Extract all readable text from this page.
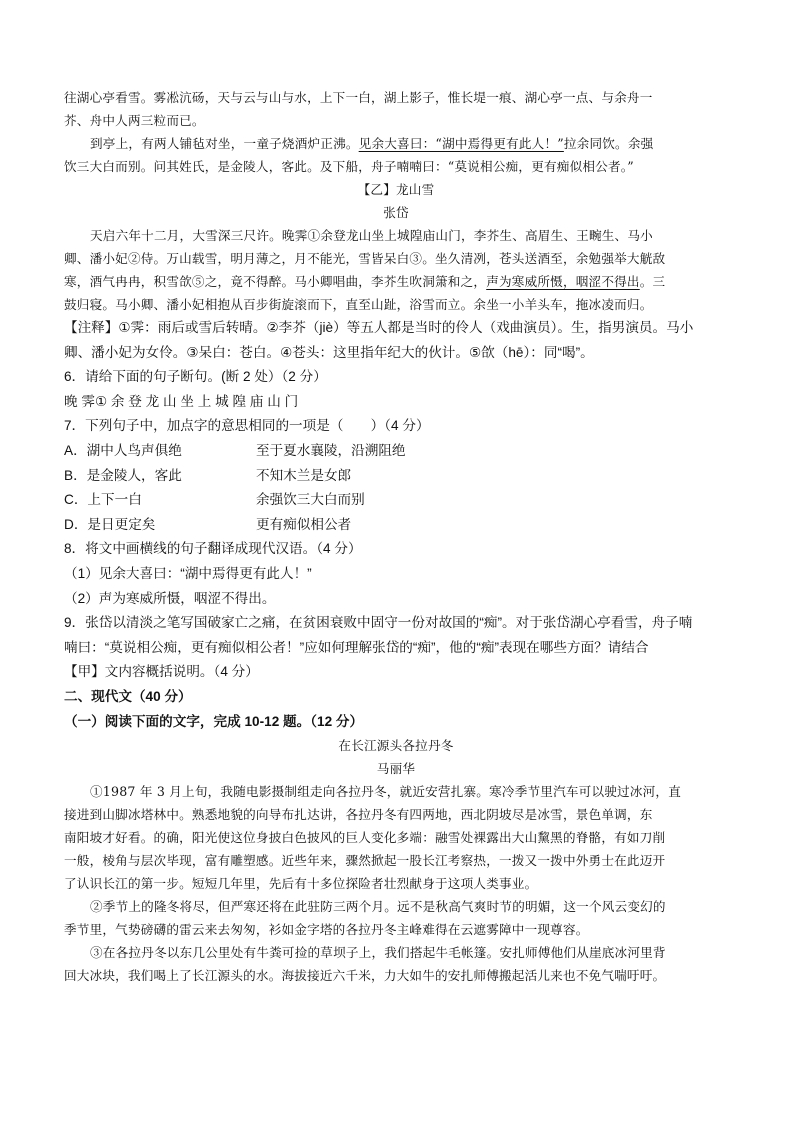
往湖心亭看雪。雾凇沆砀，天与云与山与水，上下一白，湖上影子，惟长堤一痕、湖心亭一点、与余舟一
芥、舟中人两三粒而已。
到亭上，有两人铺毡对坐，一童子烧酒炉正沸。见余大喜曰：“湖中焉得更有此人！”拉余同饮。余强
饮三大白而别。问其姓氏，是金陵人，客此。及下船，舟子喃喃曰：“莫说相公痴，更有痴似相公者。”
【乙】龙山雪
张岱
天启六年十二月，大雪深三尺许。晚霁①余登龙山坐上城隍庙山门，李芥生、高眉生、王畹生、马小
卿、潘小妃②侍。万山载雪，明月薄之，月不能光，雪皆呆白③。坐久清冽，苍头送酒至，余勉强举大觥敌
寒，酒气冉冉，积雪欱⑤之，竟不得醉。马小卿唱曲，李芥生吹洞箫和之，声为寒威所慑，咽涩不得出。三
鼓归寝。马小卿、潘小妃相抱从百步街旋滚而下，直至山趾，浴雪而立。余坐一小羊头车，拖冰凌而归。
【注释】①霁：雨后或雪后转晴。②李芥（jiè）等五人都是当时的伶人（戏曲演员）。生，指男演员。马小
卿、潘小妃为女伶。③呆白：苍白。④苍头：这里指年纪大的伙计。⑤欱（hē）：同“喝”。
6．请给下面的句子断句。(断 2 处）（2 分）
晚 霁① 余 登 龙 山 坐 上 城 隍 庙 山 门
7．下列句子中，加点字的意思相同的一项是（　　）（4 分）
A．湖中人鸟声俱绝	至于夏水襄陵，沿溯阻绝
B．是金陵人，客此	不知木兰是女郎
C．上下一白	余强饮三大白而别
D．是日更定矣	更有痴似相公者
8．将文中画横线的句子翻译成现代汉语。（4 分）
（1）见余大喜曰：“湖中焉得更有此人！”
（2）声为寒威所慑，咽涩不得出。
9．张岱以清淡之笔写国破家亡之痛，在贫困衰败中固守一份对故国的“痴”。对于张岱湖心亭看雪，舟子喃
喃曰：“莫说相公痴，更有痴似相公者！”应如何理解张岱的“痴”，他的“痴”表现在哪些方面？请结合
【甲】文内容概括说明。（4 分）
二、现代文（40 分）
（一）阅读下面的文字，完成 10-12 题。（12 分）
在长江源头各拉丹冬
马丽华
①1987 年 3 月上旬，我随电影摄制组走向各拉丹冬，就近安营扎寨。寒冷季节里汽车可以驶过冰河，直
接进到山脚冰塔林中。熟悉地貌的向导布扎达讲，各拉丹冬有四两地，西北阴坡尽是冰雪，景色单调，东
南阳坡才好看。的确，阳光使这位身披白色披风的巨人变化多端：融雪处裸露出大山黧黑的脊骼，有如刀削
一般，棱角与层次毕现，富有雕塑感。近些年来，骤然掀起一股长江考察热，一拨又一拨中外勇士在此迈开
了认识长江的第一步。短短几年里，先后有十多位探险者壮烈献身于这项人类事业。
②季节上的隆冬将尽，但严寒还将在此驻防三两个月。远不是秋高气爽时节的明媚，这一个风云变幻的
季节里，气势磅礴的雷云来去匆匆，衫如金字塔的各拉丹冬主峰难得在云遮雾障中一现尊容。
③在各拉丹冬以东几公里处有牛粪可捡的草坝子上，我们搭起牛毛帐篷。安扎师傅他们从崖底冰河里背
回大冰块，我们喝上了长江源头的水。海拔接近六千米，力大如牛的安扎师傅搬起活儿来也不免气喘吁吁。
